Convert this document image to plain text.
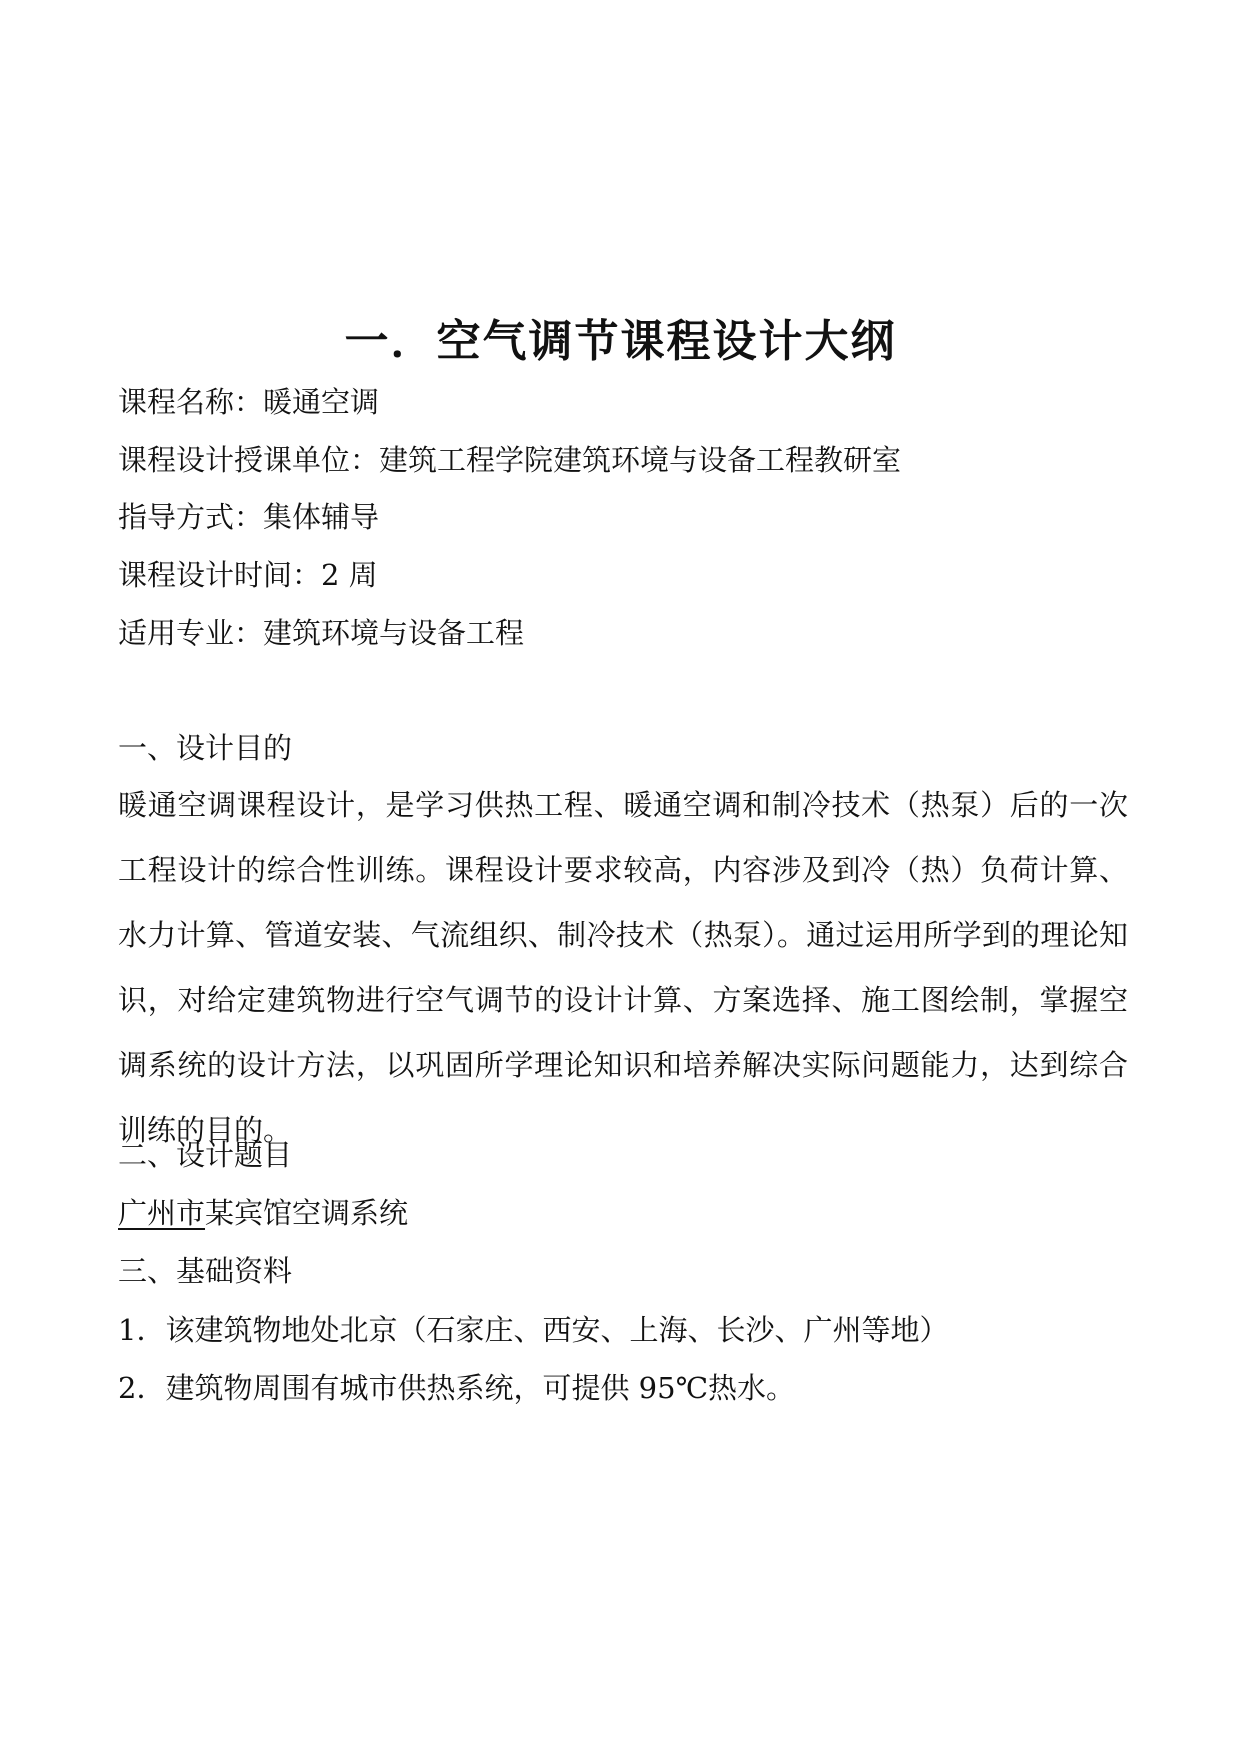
一．空气调节课程设计大纲
课程名称：暖通空调
课程设计授课单位：建筑工程学院建筑环境与设备工程教研室
指导方式：集体辅导
课程设计时间：2 周
适用专业：建筑环境与设备工程
一、设计目的
暖通空调课程设计，是学习供热工程、暖通空调和制冷技术（热泵）后的一次工程设计的综合性训练。课程设计要求较高，内容涉及到冷（热）负荷计算、水力计算、管道安装、气流组织、制冷技术（热泵）。通过运用所学到的理论知识，对给定建筑物进行空气调节的设计计算、方案选择、施工图绘制，掌握空调系统的设计方法，以巩固所学理论知识和培养解决实际问题能力，达到综合训练的目的。
二、设计题目
广州市某宾馆空调系统
三、基础资料
1．该建筑物地处北京（石家庄、西安、上海、长沙、广州等地）
2．建筑物周围有城市供热系统，可提供 95℃热水。
